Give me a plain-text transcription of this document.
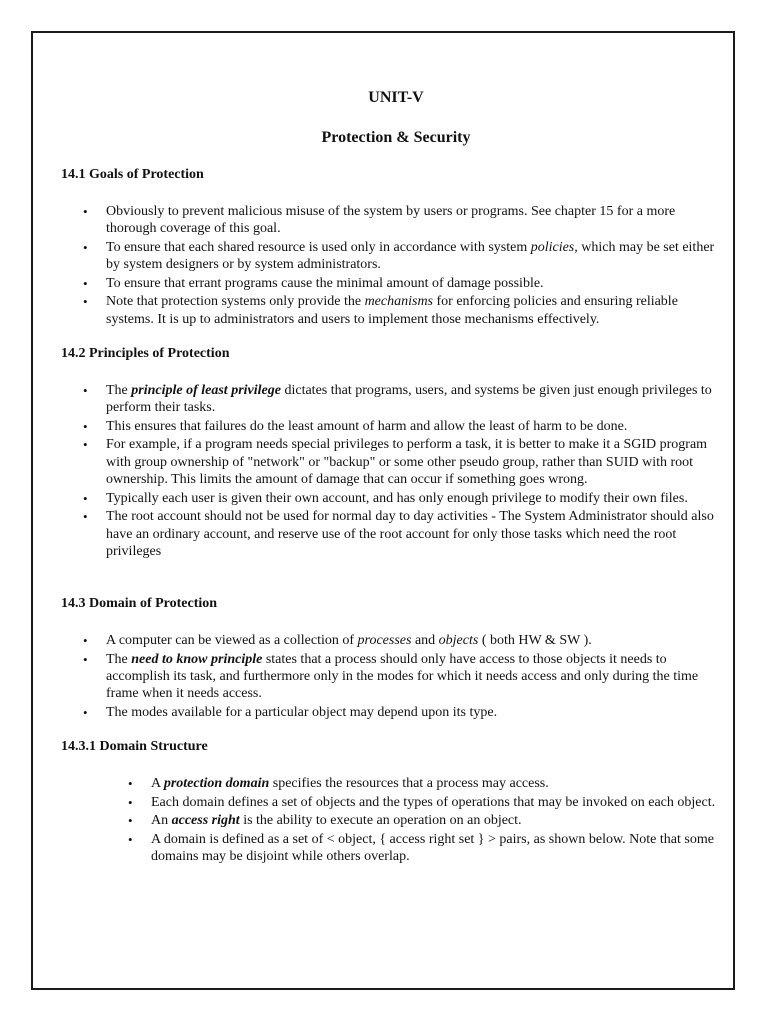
UNIT-V
Protection & Security
14.1 Goals of Protection
• Obviously to prevent malicious misuse of the system by users or programs. See chapter 15 for a more thorough coverage of this goal.
• To ensure that each shared resource is used only in accordance with system policies, which may be set either by system designers or by system administrators.
• To ensure that errant programs cause the minimal amount of damage possible.
• Note that protection systems only provide the mechanisms for enforcing policies and ensuring reliable systems. It is up to administrators and users to implement those mechanisms effectively.
14.2 Principles of Protection
• The principle of least privilege dictates that programs, users, and systems be given just enough privileges to perform their tasks.
• This ensures that failures do the least amount of harm and allow the least of harm to be done.
• For example, if a program needs special privileges to perform a task, it is better to make it a SGID program with group ownership of "network" or "backup" or some other pseudo group, rather than SUID with root ownership. This limits the amount of damage that can occur if something goes wrong.
• Typically each user is given their own account, and has only enough privilege to modify their own files.
• The root account should not be used for normal day to day activities - The System Administrator should also have an ordinary account, and reserve use of the root account for only those tasks which need the root privileges
14.3 Domain of Protection
• A computer can be viewed as a collection of processes and objects ( both HW & SW ).
• The need to know principle states that a process should only have access to those objects it needs to accomplish its task, and furthermore only in the modes for which it needs access and only during the time frame when it needs access.
• The modes available for a particular object may depend upon its type.
14.3.1 Domain Structure
• A protection domain specifies the resources that a process may access.
• Each domain defines a set of objects and the types of operations that may be invoked on each object.
• An access right is the ability to execute an operation on an object.
• A domain is defined as a set of < object, { access right set } > pairs, as shown below. Note that some domains may be disjoint while others overlap.
